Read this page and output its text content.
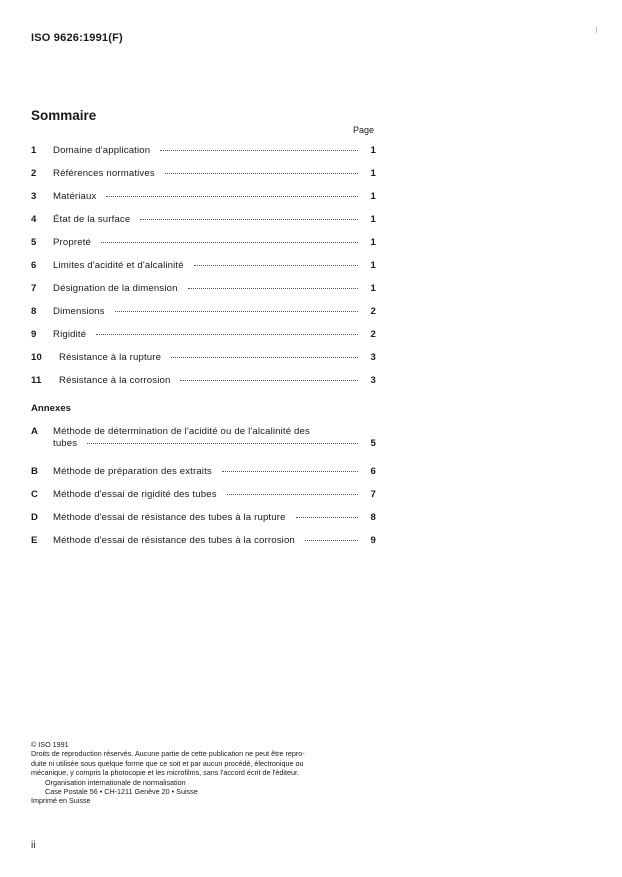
ISO 9626:1991(F)
Sommaire
Page
1	Domaine d'application	1
2	Références normatives	1
3	Matériaux	1
4	État de la surface	1
5	Propreté	1
6	Limites d'acidité et d'alcalinité	1
7	Désignation de la dimension	1
8	Dimensions	2
9	Rigidité	2
10	Résistance à la rupture	3
11	Résistance à la corrosion	3
Annexes
A	Méthode de détermination de l'acidité ou de l'alcalinité des
tubes	5
B	Méthode de préparation des extraits	6
C	Méthode d'essai de rigidité des tubes	7
D	Méthode d'essai de résistance des tubes à la rupture	8
E	Méthode d'essai de résistance des tubes à la corrosion	9

© ISO 1991

Droits de reproduction réservés. Aucune partie de cette publication ne peut être repro-

duite ni utilisée sous quelque forme que ce soit et par aucun procédé, électronique ou

mécanique, y compris la photocopie et les microfilms, sans l'accord écrit de l'éditeur.

Organisation internationale de normalisation

Case Postale 56 • CH-1211 Genève 20 • Suisse

Imprimé en Suisse

ii
